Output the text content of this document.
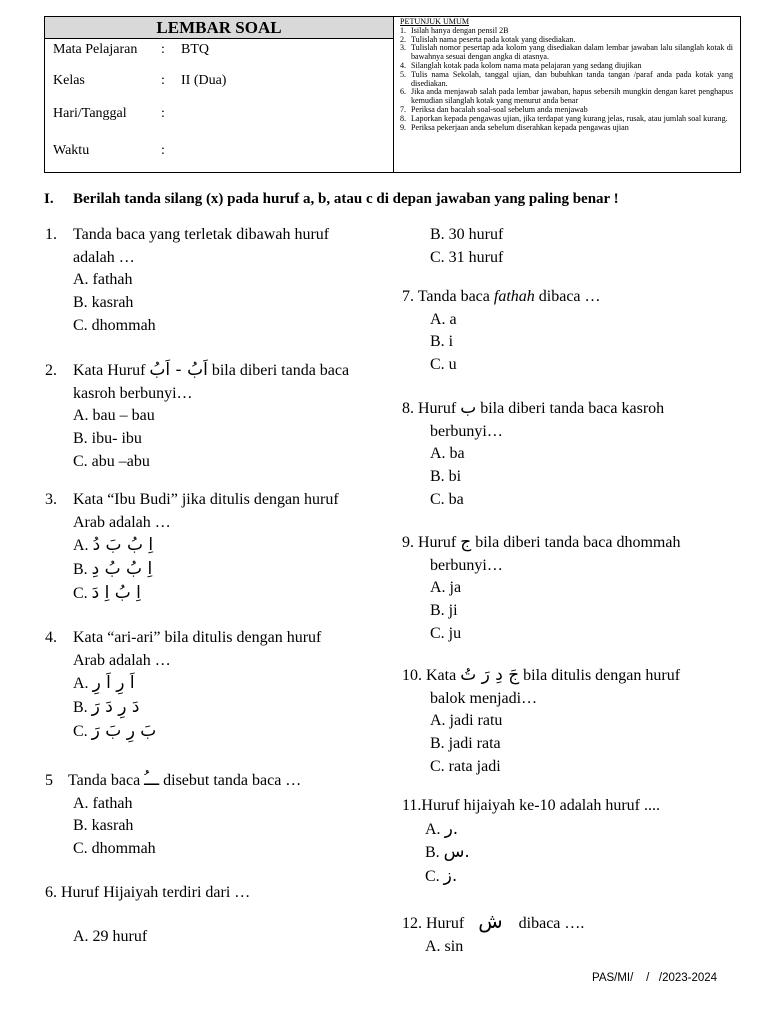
LEMBAR SOAL	PETUNJUK UMUM
1. Isilah hanya dengan pensil 2B
2. Tulislah nama peserta pada kotak yang disediakan.
3. Tulislah nomor pesertap ada kolom yang disediakan dalam lembar jawaban lalu silanglah kotak di bawahnya sesuai dengan angka di atasnya.
4. Silanglah kotak pada kolom nama mata pelajaran yang sedang diujikan
5. Tulis nama Sekolah, tanggal ujian, dan bubuhkan tanda tangan /paraf anda pada kotak yang disediakan.
6. Jika anda menjawab salah pada lembar jawaban, hapus sebersih mungkin dengan karet penghapus kemudian silanglah kotak yang menurut anda benar
7. Periksa dan bacalah soal-soal sebelum anda menjawab
8. Laporkan kepada pengawas ujian, jika terdapat yang kurang jelas, rusak, atau jumlah soal kurang.
9. Periksa pekerjaan anda sebelum diserahkan kepada pengawas ujian
Mata Pelajaran : BTQ
Kelas	: II (Dua)
Hari/Tanggal :
Waktu	:
I. Berilah tanda silang (x) pada huruf a, b, atau c di depan jawaban yang paling benar !
1. Tanda baca yang terletak dibawah huruf
adalah …
A. fathah
B. kasrah
C. dhommah
2. Kata Huruf اَبُ - اَبُ bila diberi tanda baca
kasroh berbunyi…
A. bau – bau
B. ibu- ibu
C. abu –abu
3. Kata “Ibu Budi” jika ditulis dengan huruf
Arab adalah …
A. اِ بُ بَ دُ
B. اِ بُ بُ دِ
C. اِ بُ اِ دَ
4. Kata “ari-ari” bila ditulis dengan huruf
Arab adalah …
A. اَ رِ اَ رِ
B. دَ رِ دَ رَ
C. بَ رِ بَ رَ
5 Tanda baca ـــُ disebut tanda baca …
A. fathah
B. kasrah
C. dhommah
6. Huruf Hijaiyah terdiri dari …
A. 29 huruf
B. 30 huruf
C. 31 huruf
7. Tanda baca fathah dibaca …
A. a
B. i
C. u
8. Huruf ب bila diberi tanda baca kasroh
berbunyi…
A. ba
B. bi
C. ba
9. Huruf ج bila diberi tanda baca dhommah
berbunyi…
A. ja
B. ji
C. ju
10. Kata جَ دِ رَ تُ bila ditulis dengan huruf
balok menjadi…
A. jadi ratu
B. jadi rata
C. rata jadi
11.Huruf hijaiyah ke-10 adalah huruf ....
A. .ر
B. .س
C. .ز
12. Huruf ش dibaca ….
A. sin
PAS/MI/    /   /2023-2024
